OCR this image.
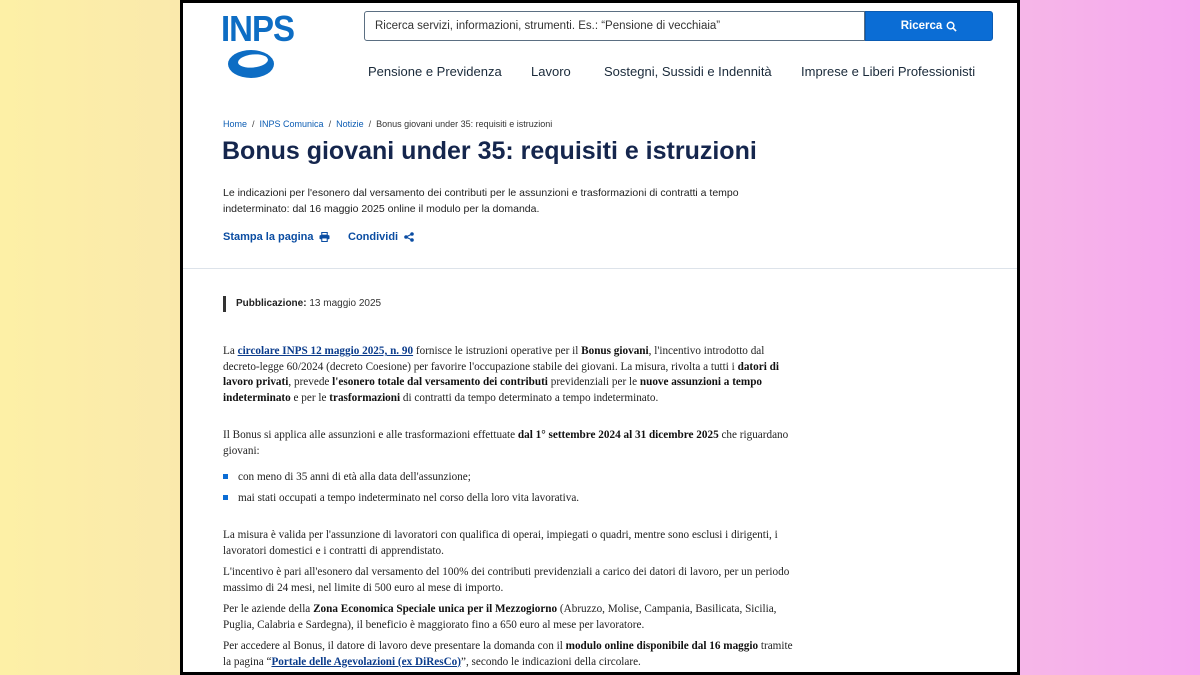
INPS	Ricerca servizi, informazioni, strumenti. Es.: “Pensione di vecchiaia”	Ricerca
Pensione e Previdenza Lavoro	Sostegni, Sussidi e Indennità Imprese e Liberi Professionisti
Home / INPS Comunica / Notizie / Bonus giovani under 35: requisiti e istruzioni
Bonus giovani under 35: requisiti e istruzioni
Le indicazioni per l'esonero dal versamento dei contributi per le assunzioni e trasformazioni di contratti a tempo indeterminato: dal 16 maggio 2025 online il modulo per la domanda.
Stampa la pagina	Condividi
Pubblicazione: 13 maggio 2025
La circolare INPS 12 maggio 2025, n. 90 fornisce le istruzioni operative per il Bonus giovani, l'incentivo introdotto dal decreto-legge 60/2024 (decreto Coesione) per favorire l'occupazione stabile dei giovani. La misura, rivolta a tutti i datori di lavoro privati, prevede l'esonero totale dal versamento dei contributi previdenziali per le nuove assunzioni a tempo indeterminato e per le trasformazioni di contratti da tempo determinato a tempo indeterminato.
Il Bonus si applica alle assunzioni e alle trasformazioni effettuate dal 1° settembre 2024 al 31 dicembre 2025 che riguardano giovani:
con meno di 35 anni di età alla data dell'assunzione;
mai stati occupati a tempo indeterminato nel corso della loro vita lavorativa.
La misura è valida per l'assunzione di lavoratori con qualifica di operai, impiegati o quadri, mentre sono esclusi i dirigenti, i lavoratori domestici e i contratti di apprendistato.
L'incentivo è pari all'esonero dal versamento del 100% dei contributi previdenziali a carico dei datori di lavoro, per un periodo massimo di 24 mesi, nel limite di 500 euro al mese di importo.
Per le aziende della Zona Economica Speciale unica per il Mezzogiorno (Abruzzo, Molise, Campania, Basilicata, Sicilia, Puglia, Calabria e Sardegna), il beneficio è maggiorato fino a 650 euro al mese per lavoratore.
Per accedere al Bonus, il datore di lavoro deve presentare la domanda con il modulo online disponibile dal 16 maggio tramite la pagina “Portale delle Agevolazioni (ex DiResCo)”, secondo le indicazioni della circolare.
